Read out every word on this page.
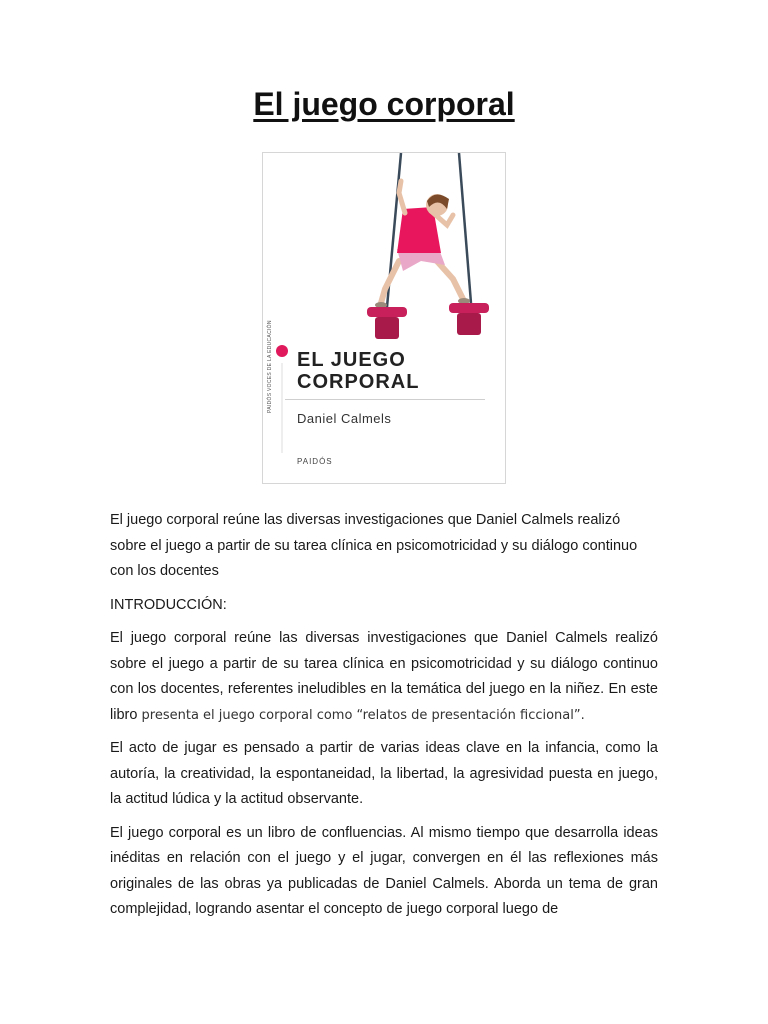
El juego corporal
PAIDÓS VOCES DE LA EDUCACIÓN EL JUEGO
CORPORAL
Daniel Calmels
PAIDÓS

El juego corporal reúne las diversas investigaciones que Daniel Calmels realizó sobre el juego a partir de su tarea clínica en psicomotricidad y su diálogo continuo con los docentes

INTRODUCCIÓN:

El juego corporal reúne las diversas investigaciones que Daniel Calmels realizó sobre el juego a partir de su tarea clínica en psicomotricidad y su diálogo continuo con los docentes, referentes ineludibles en la temática del juego en la niñez. En este libro presenta el juego corporal como “relatos de presentación ficcional”.

El acto de jugar es pensado a partir de varias ideas clave en la infancia, como la autoría, la creatividad, la espontaneidad, la libertad, la agresividad puesta en juego, la actitud lúdica y la actitud observante.

El juego corporal es un libro de confluencias. Al mismo tiempo que desarrolla ideas inéditas en relación con el juego y el jugar, convergen en él las reflexiones más originales de las obras ya publicadas de Daniel Calmels. Aborda un tema de gran complejidad, logrando asentar el concepto de juego corporal luego de
